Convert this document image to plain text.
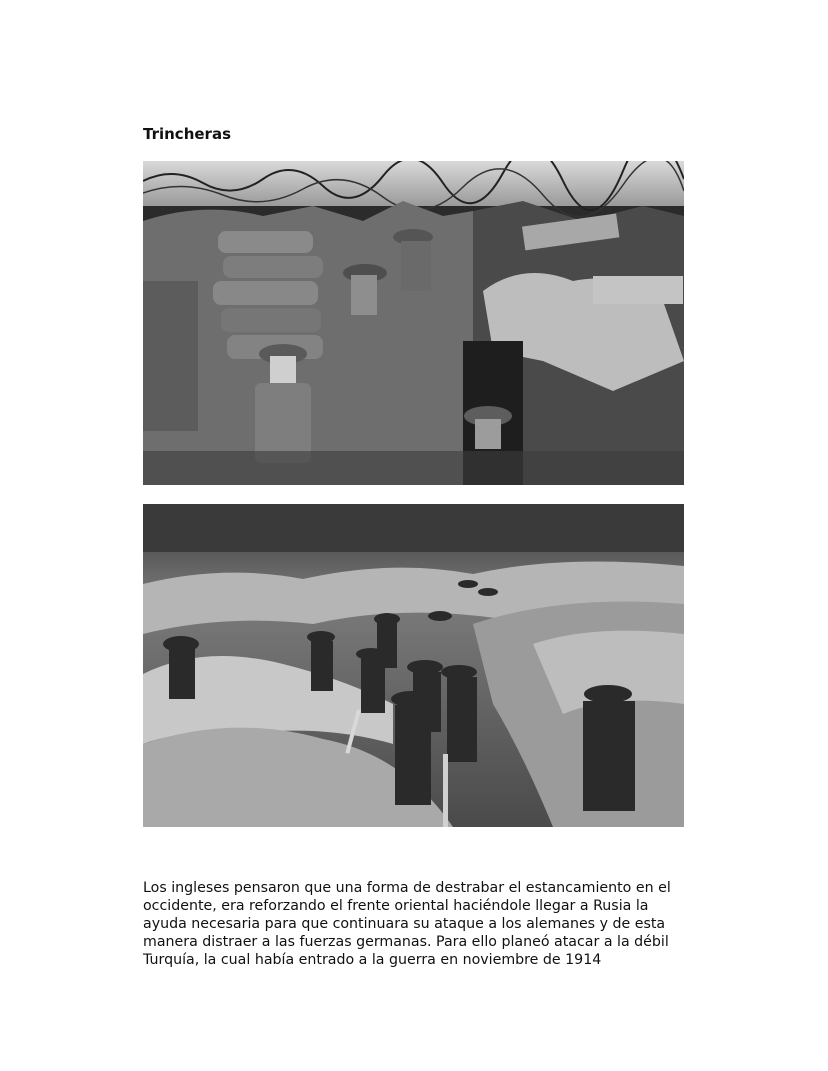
Trincheras

Los ingleses pensaron que una forma de destrabar el estancamiento en el occidente, era reforzando el frente oriental haciéndole llegar a Rusia la ayuda necesaria para que continuara su ataque a los alemanes y de esta manera distraer a las fuerzas germanas. Para ello planeó atacar a la débil Turquía, la cual había entrado a la guerra en noviembre de 1914
